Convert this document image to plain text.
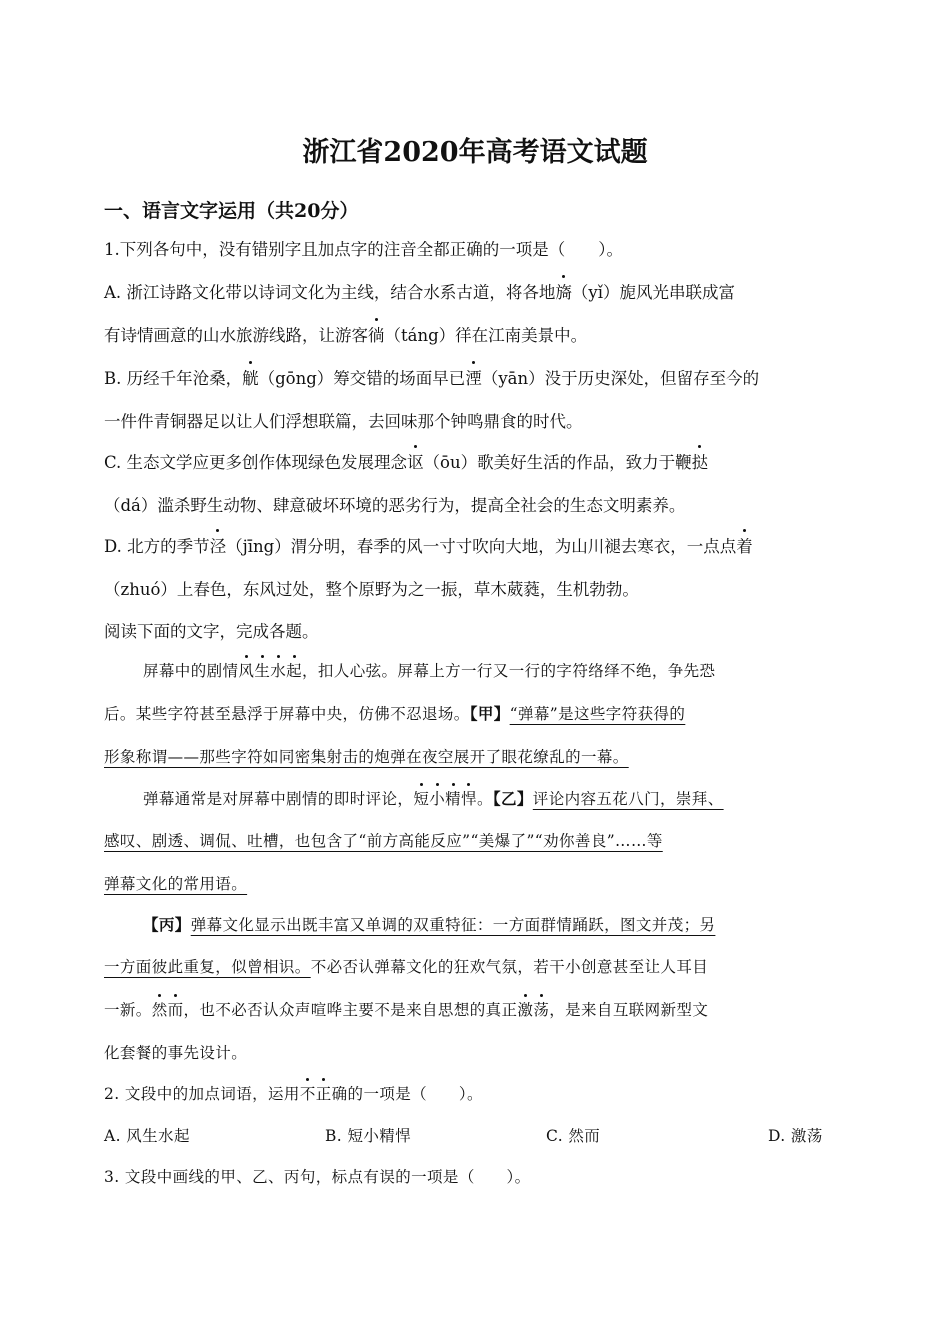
浙江省2020年高考语文试题
一、语言文字运用（共20分）
1.下列各句中，没有错别字且加点字的注音全都正确的一项是（　　）。
A. 浙江诗路文化带以诗词文化为主线，结合水系古道，将各地旖（yǐ）旎风光串联成富
有诗情画意的山水旅游线路，让游客徜（táng）徉在江南美景中。
B. 历经千年沧桑，觥（gōng）筹交错的场面早已湮（yān）没于历史深处，但留存至今的
一件件青铜器足以让人们浮想联篇，去回味那个钟鸣鼎食的时代。
C. 生态文学应更多创作体现绿色发展理念讴（ōu）歌美好生活的作品，致力于鞭挞
（dá）滥杀野生动物、肆意破坏环境的恶劣行为，提高全社会的生态文明素养。
D. 北方的季节泾（jīng）渭分明，春季的风一寸寸吹向大地，为山川褪去寒衣，一点点着
（zhuó）上春色，东风过处，整个原野为之一振，草木葳蕤，生机勃勃。
阅读下面的文字，完成各题。
屏幕中的剧情风生水起，扣人心弦。屏幕上方一行又一行的字符络绎不绝，争先恐
后。某些字符甚至悬浮于屏幕中央，仿佛不忍退场。【甲】“弹幕”是这些字符获得的
形象称谓——那些字符如同密集射击的炮弹在夜空展开了眼花缭乱的一幕。
弹幕通常是对屏幕中剧情的即时评论，短小精悍。【乙】评论内容五花八门，崇拜、
感叹、剧透、调侃、吐槽，也包含了“前方高能反应”“美爆了”“劝你善良”……等
弹幕文化的常用语。
【丙】弹幕文化显示出既丰富又单调的双重特征：一方面群情踊跃，图文并茂；另
一方面彼此重复，似曾相识。不必否认弹幕文化的狂欢气氛，若干小创意甚至让人耳目
一新。然而，也不必否认众声喧哗主要不是来自思想的真正激荡，是来自互联网新型文
化套餐的事先设计。
2. 文段中的加点词语，运用不正确的一项是（　　）。
A. 风生水起	B. 短小精悍	C. 然而	D. 激荡
3. 文段中画线的甲、乙、丙句，标点有误的一项是（　　）。
